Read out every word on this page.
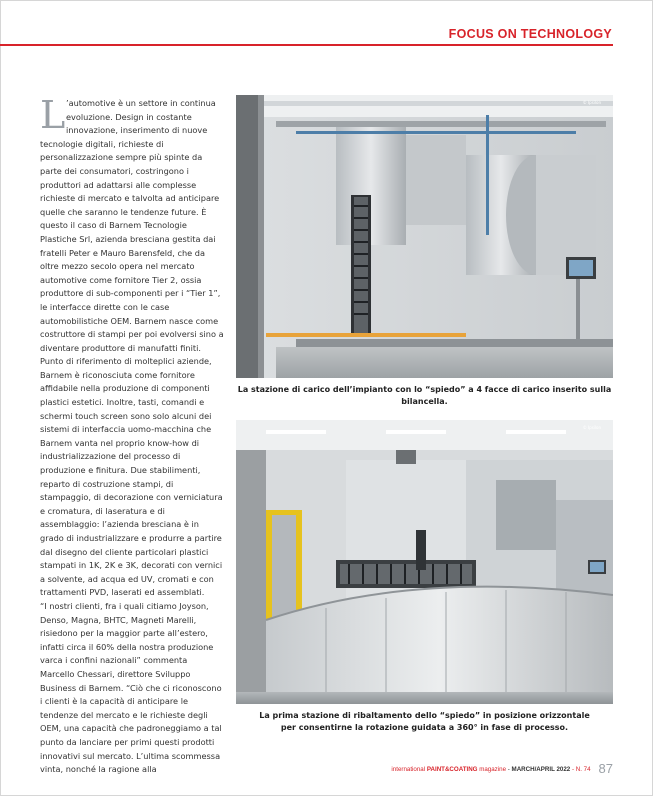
FOCUS ON TECHNOLOGY
L ’automotive è un settore in continua evoluzione. Design in costante innovazione, inserimento di nuove tecnologie digitali, richieste di personalizzazione sempre più spinte da parte dei consumatori, costringono i produttori ad adattarsi alle complesse richieste di mercato e talvolta ad anticipare quelle che saranno le tendenze future. È questo il caso di Barnem Tecnologie Plastiche Srl, azienda bresciana gestita dai fratelli Peter e Mauro Barensfeld, che da oltre mezzo secolo opera nel mercato automotive come fornitore Tier 2, ossia produttore di sub-componenti per i “Tier 1”, le interfacce dirette con le case automobilistiche OEM. Barnem nasce come costruttore di stampi per poi evolversi sino a diventare produttore di manufatti finiti. Punto di riferimento di molteplici aziende, Barnem è riconosciuta come fornitore affidabile nella produzione di componenti plastici estetici. Inoltre, tasti, comandi e schermi touch screen sono solo alcuni dei sistemi di interfaccia uomo-macchina che Barnem vanta nel proprio know-how di industrializzazione del processo di produzione e finitura. Due stabilimenti, reparto di costruzione stampi, di stampaggio, di decorazione con verniciatura e cromatura, di laseratura e di assemblaggio: l’azienda bresciana è in grado di industrializzare e produrre a partire dal disegno del cliente particolari plastici stampati in 1K, 2K e 3K, decorati con vernici a solvente, ad acqua ed UV, cromati e con trattamenti PVD, laserati ed assemblati.

“I nostri clienti, fra i quali citiamo Joyson, Denso, Magna, BHTC, Magneti Marelli, risiedono per la maggior parte all’estero, infatti circa il 60% della nostra produzione varca i confini nazionali” commenta Marcello Chessari, direttore Sviluppo Business di Barnem. “Ciò che ci riconoscono i clienti è la capacità di anticipare le tendenze del mercato e le richieste degli OEM, una capacità che padroneggiamo a tal punto da lanciare per primi questi prodotti innovativi sul mercato. L’ultima scommessa vinta, nonché la ragione alla

© Ipsilon
La stazione di carico dell’impianto con lo “spiedo” a 4 facce di carico inserito sulla bilancella.
© Ipsilon
La prima stazione di ribaltamento dello “spiedo” in posizione orizzontale
per consentirne la rotazione guidata a 360° in fase di processo.
international PAINT&COATING magazine - MARCH/APRIL 2022 - N. 74 87
